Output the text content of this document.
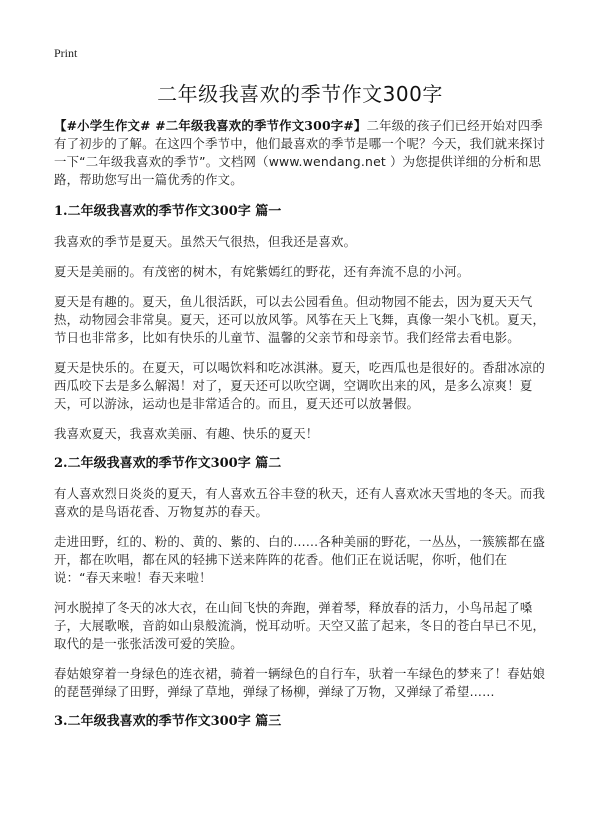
Print
二年级我喜欢的季节作文300字

【#小学生作文# #二年级我喜欢的季节作文300字#】二年级的孩子们已经开始对四季有了初步的了解。在这四个季节中，他们最喜欢的季节是哪一个呢？今天，我们就来探讨一下“二年级我喜欢的季节”。文档网（www.wendang.net ）为您提供详细的分析和思路，帮助您写出一篇优秀的作文。

1.二年级我喜欢的季节作文300字 篇一

我喜欢的季节是夏天。虽然天气很热，但我还是喜欢。

夏天是美丽的。有茂密的树木，有姹紫嫣红的野花，还有奔流不息的小河。

夏天是有趣的。夏天，鱼儿很活跃，可以去公园看鱼。但动物园不能去，因为夏天天气热，动物园会非常臭。夏天，还可以放风筝。风筝在天上飞舞，真像一架小飞机。夏天，节日也非常多，比如有快乐的儿童节、温馨的父亲节和母亲节。我们经常去看电影。

夏天是快乐的。在夏天，可以喝饮料和吃冰淇淋。夏天，吃西瓜也是很好的。香甜冰凉的西瓜咬下去是多么解渴！对了，夏天还可以吹空调，空调吹出来的风，是多么凉爽！夏天，可以游泳，运动也是非常适合的。而且，夏天还可以放暑假。

我喜欢夏天，我喜欢美丽、有趣、快乐的夏天！

2.二年级我喜欢的季节作文300字 篇二

有人喜欢烈日炎炎的夏天，有人喜欢五谷丰登的秋天，还有人喜欢冰天雪地的冬天。而我喜欢的是鸟语花香、万物复苏的春天。

走进田野，红的、粉的、黄的、紫的、白的……各种美丽的野花，一丛丛，一簇簇都在盛开，都在吹唱，都在风的轻拂下送来阵阵的花香。他们正在说话呢，你听，他们在说：“春天来啦！春天来啦！

河水脱掉了冬天的冰大衣，在山间飞快的奔跑，弹着琴，释放春的活力，小鸟吊起了嗓子，大展歌喉，音韵如山泉般流淌，悦耳动听。天空又蓝了起来，冬日的苍白早已不见，取代的是一张张活泼可爱的笑脸。

春姑娘穿着一身绿色的连衣裙，骑着一辆绿色的自行车，驮着一车绿色的梦来了！春姑娘的琵琶弹绿了田野，弹绿了草地，弹绿了杨柳，弹绿了万物，又弹绿了希望……

3.二年级我喜欢的季节作文300字 篇三
